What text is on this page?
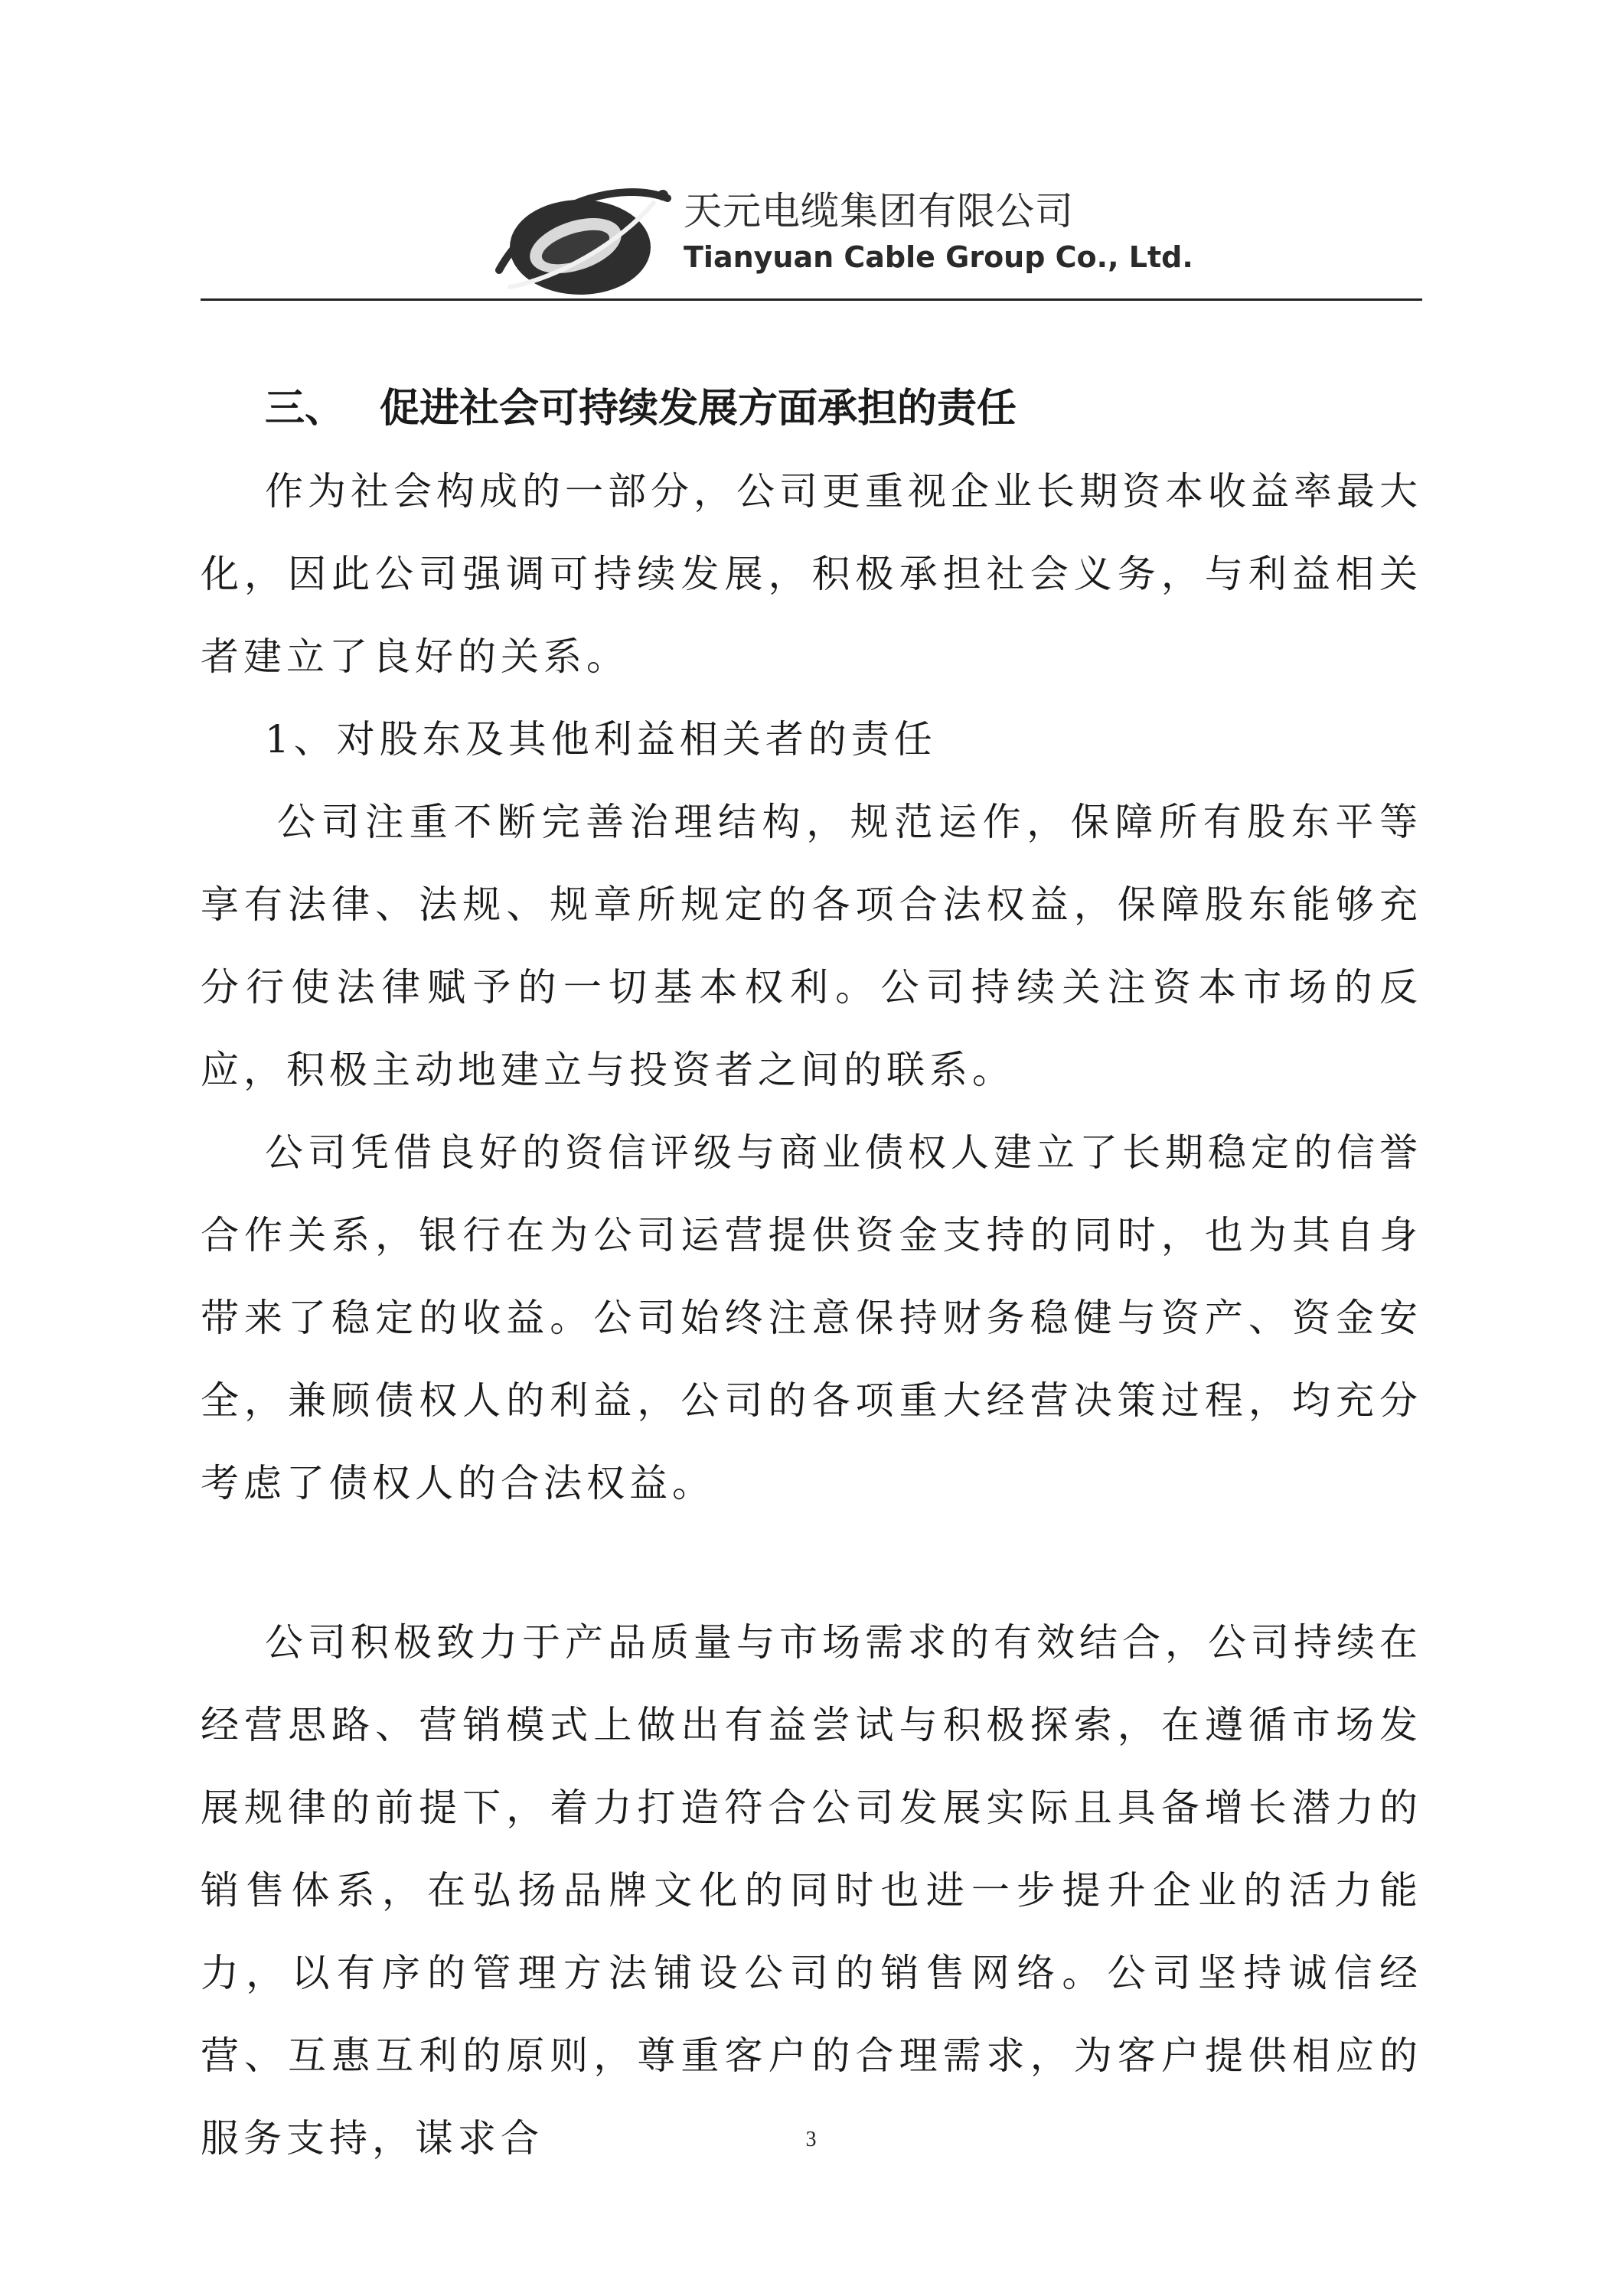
天元电缆集团有限公司
Tianyuan Cable Group Co., Ltd.
三、 促进社会可持续发展方面承担的责任

作为社会构成的一部分，公司更重视企业长期资本收益率最大化，因此公司强调可持续发展，积极承担社会义务，与利益相关者建立了良好的关系。

1、对股东及其他利益相关者的责任

公司注重不断完善治理结构，规范运作，保障所有股东平等享有法律、法规、规章所规定的各项合法权益，保障股东能够充分行使法律赋予的一切基本权利。公司持续关注资本市场的反应，积极主动地建立与投资者之间的联系。

公司凭借良好的资信评级与商业债权人建立了长期稳定的信誉合作关系，银行在为公司运营提供资金支持的同时，也为其自身带来了稳定的收益。公司始终注意保持财务稳健与资产、资金安全，兼顾债权人的利益，公司的各项重大经营决策过程，均充分考虑了债权人的合法权益。

公司积极致力于产品质量与市场需求的有效结合，公司持续在经营思路、营销模式上做出有益尝试与积极探索，在遵循市场发展规律的前提下，着力打造符合公司发展实际且具备增长潜力的销售体系，在弘扬品牌文化的同时也进一步提升企业的活力能力，以有序的管理方法铺设公司的销售网络。公司坚持诚信经营、互惠互利的原则，尊重客户的合理需求，为客户提供相应的服务支持，谋求合	3
